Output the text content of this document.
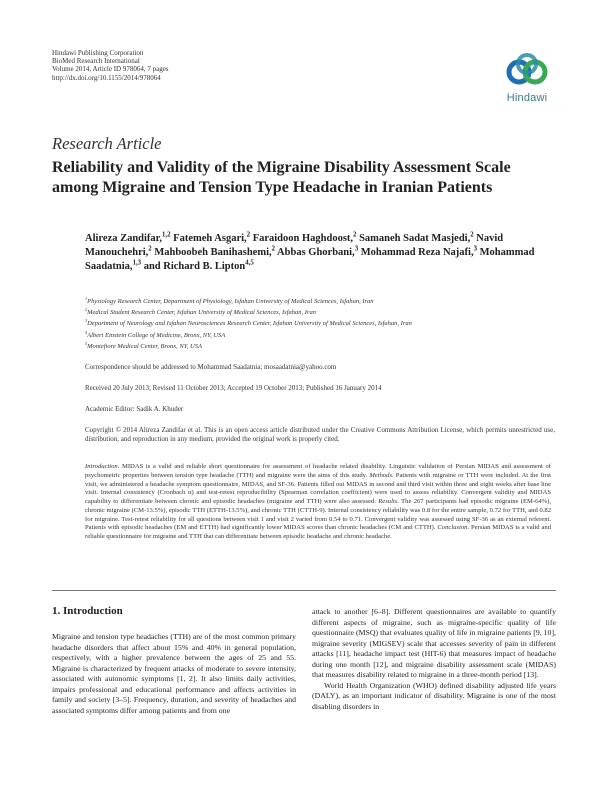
Hindawi Publishing Corporation
BioMed Research International
Volume 2014, Article ID 978064, 7 pages
http://dx.doi.org/10.1155/2014/978064
Hindawi
Research Article
Reliability and Validity of the Migraine Disability Assessment Scale among Migraine and Tension Type Headache in Iranian Patients
Alireza Zandifar,$^{1,2}$ Fatemeh Asgari,$^2$ Faraidoon Haghdoost,$^2$ Samaneh Sadat Masjedi,$^2$ Navid Manouchehri,$^2$ Mahboobeh Banihashemi,$^2$ Abbas Ghorbani,$^3$ Mohammad Reza Najafi,$^3$ Mohammad Saadatnia,$^{1,3}$ and Richard B. Lipton$^{4,5}$
$^1$Physiology Research Center, Department of Physiology, Isfahan University of Medical Sciences, Isfahan, Iran
$^2$Medical Student Research Center, Isfahan University of Medical Sciences, Isfahan, Iran
$^3$Department of Neurology and Isfahan Neurosciences Research Center, Isfahan University of Medical Sciences, Isfahan, Iran
$^4$Albert Einstein College of Medicine, Bronx, NY, USA
$^5$Montefiore Medical Center, Bronx, NY, USA
Correspondence should be addressed to Mohammad Saadatnia; mosaadatnia@yahoo.com
Received 20 July 2013; Revised 11 October 2013; Accepted 19 October 2013; Published 16 January 2014
Academic Editor: Sadik A. Khuder
Copyright © 2014 Alireza Zandifar et al. This is an open access article distributed under the Creative Commons Attribution License, which permits unrestricted use, distribution, and reproduction in any medium, provided the original work is properly cited.
Introduction. MIDAS is a valid and reliable short questionnaire for assessment of headache related disability. Linguistic validation of Persian MIDAS and assessment of psychometric properties between tension type headache (TTH) and migraine were the aims of this study. Methods. Patients with migraine or TTH were included. At the first visit, we administered a headache symptom questionnaire, MIDAS, and SF-36. Patients filled out MIDAS in second and third visit within three and eight weeks after base line visit. Internal consistency (Cronbach α) and test-retest reproducibility (Spearman correlation coefficient) were used to assess reliability. Convergent validity and MIDAS capability to differentiate between chronic and episodic headaches (migraine and TTH) were also assessed. Results. The 267 participants had episodic migraine (EM-64%), chronic migraine (CM-13.5%), episodic TTH (ETTH-13.5%), and chronic TTH (CTTH-9). Internal consistency reliability was 0.8 for the entire sample, 0.72 for TTH, and 0.82 for migraine. Test-retest reliability for all questions between visit 1 and visit 2 varied from 0.54 to 0.71. Convergent validity was assessed using SF-36 as an external referent. Patients with episodic headaches (EM and ETTH) had significantly lower MIDAS scores than chronic headaches (CM and CTTH). Conclusion. Persian MIDAS is a valid and reliable questionnaire for migraine and TTH that can differentiate between episodic headache and chronic headache.
1. Introduction
Migraine and tension type headaches (TTH) are of the most common primary headache disorders that affect about 15% and 40% in general population, respectively, with a higher prevalence between the ages of 25 and 55. Migraine is characterized by frequent attacks of moderate to severe intensity, associated with autonomic symptoms [1, 2]. It also limits daily activities, impairs professional and educational performance and affects activities in family and society [3–5]. Frequency, duration, and severity of headaches and associated symptoms differ among patients and from one
attack to another [6–8]. Different questionnaires are available to quantify different aspects of migraine, such as migraine-specific quality of life questionnaire (MSQ) that evaluates quality of life in migraine patients [9, 10], migraine severity (MIGSEV) scale that accesses severity of pain in different attacks [11], headache impact test (HIT-6) that measures impact of headache during one month [12], and migraine disability assessment scale (MIDAS) that measures disability related to migraine in a three-month period [13].
World Health Organization (WHO) defined disability adjusted life years (DALY), as an important indicator of disability. Migraine is one of the most disabling disorders in
